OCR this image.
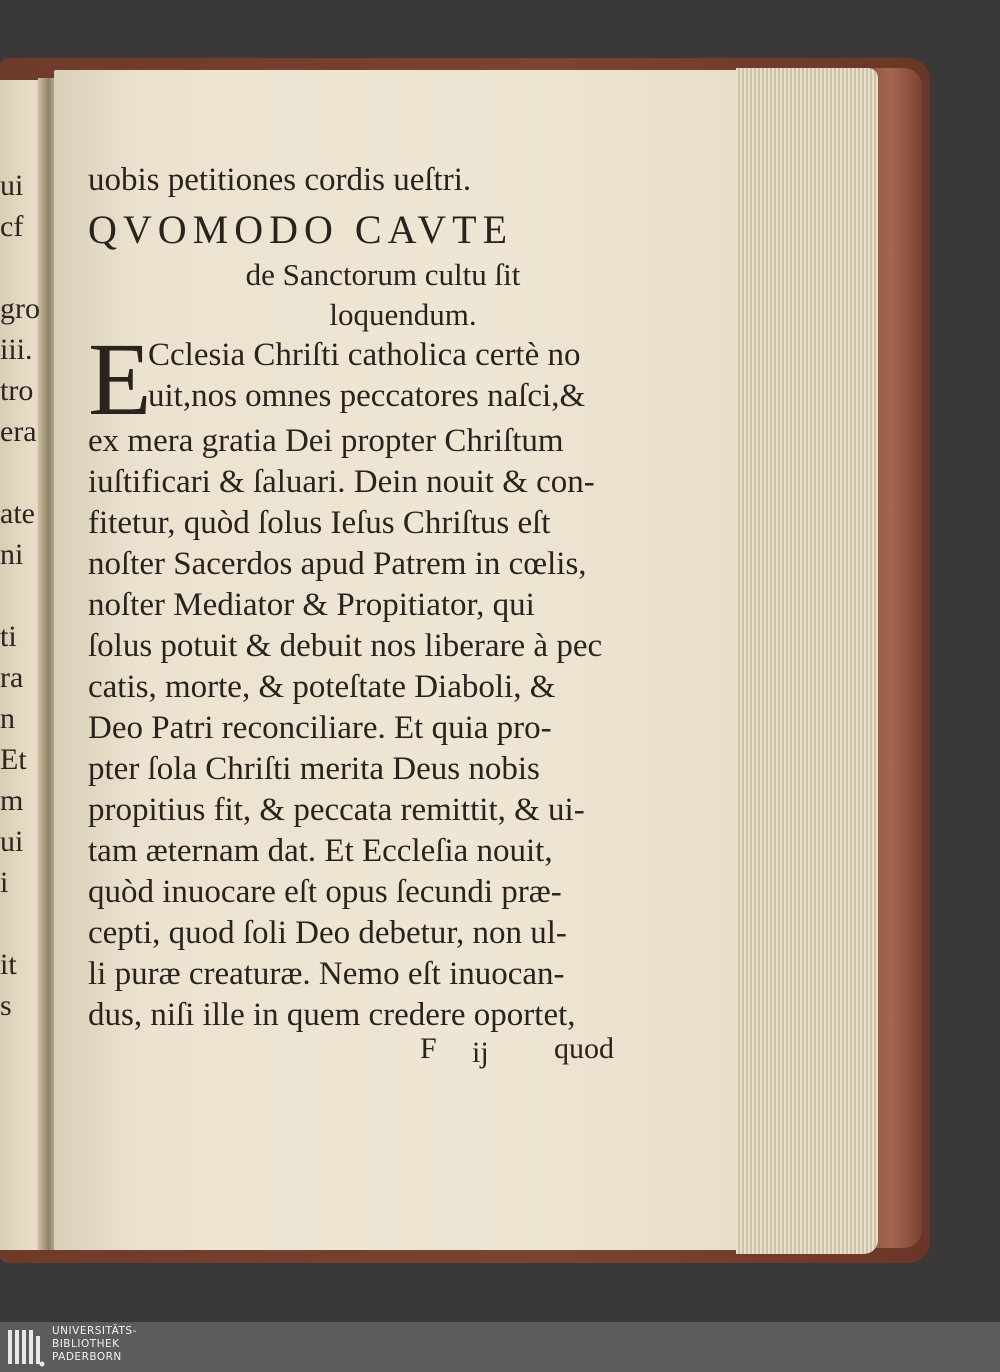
ui
cf
gro
iii.
tro
era
ate
ni
ti
ra
n
Et
m
ui
i
it
s
uobis petitiones cordis ueſtri.
QVOMODO CAVTE
de Sanctorum cultu ſit
loquendum.
E
Cclesia Chriſti catholica certè no
uit,nos omnes peccatores naſci,&
ex mera gratia Dei propter Chriſtum
iuſtificari & ſaluari. Dein nouit & con-
fitetur, quòd ſolus Ieſus Chriſtus eſt
noſter Sacerdos apud Patrem in cœlis,
noſter Mediator & Propitiator, qui
ſolus potuit & debuit nos liberare à pec
catis, morte, & poteſtate Diaboli, &
Deo Patri reconciliare. Et quia pro-
pter ſola Chriſti merita Deus nobis
propitius fit, & peccata remittit, & ui-
tam æternam dat. Et Eccleſia nouit,
quòd inuocare eſt opus ſecundi præ-
cepti, quod ſoli Deo debetur, non ul-
li puræ creaturæ. Nemo eſt inuocan-
dus, niſi ille in quem credere oportet,
F ij quod
UNIVERSITÄTS-
BIBLIOTHEK
PADERBORN
